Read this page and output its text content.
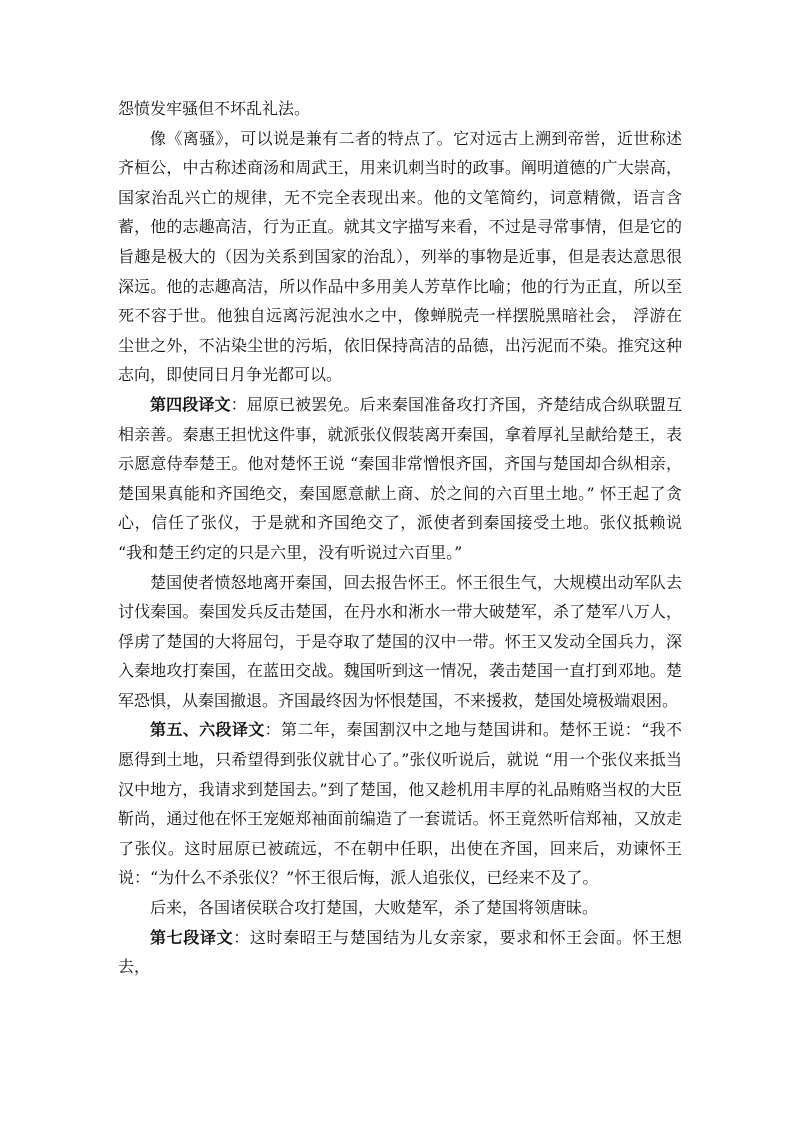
怨愤发牢骚但不坏乱礼法。

像《离骚》，可以说是兼有二者的特点了。它对远古上溯到帝喾，近世称述齐桓公，中古称述商汤和周武王，用来讥刺当时的政事。阐明道德的广大崇高，国家治乱兴亡的规律，无不完全表现出来。他的文笔简约，词意精微，语言含蓄，他的志趣高洁，行为正直。就其文字描写来看，不过是寻常事情，但是它的旨趣是极大的（因为关系到国家的治乱），列举的事物是近事，但是表达意思很深远。他的志趣高洁，所以作品中多用美人芳草作比喻；他的行为正直，所以至死不容于世。他独自远离污泥浊水之中，像蝉脱壳一样摆脱黑暗社会， 浮游在尘世之外，不沾染尘世的污垢，依旧保持高洁的品德，出污泥而不染。推究这种志向，即使同日月争光都可以。

第四段译文：屈原已被罢免。后来秦国准备攻打齐国，齐楚结成合纵联盟互相亲善。秦惠王担忧这件事，就派张仪假装离开秦国，拿着厚礼呈献给楚王，表示愿意侍奉楚王。他对楚怀王说 “秦国非常憎恨齐国，齐国与楚国却合纵相亲，楚国果真能和齐国绝交，秦国愿意献上商、於之间的六百里土地。” 怀王起了贪心，信任了张仪，于是就和齐国绝交了，派使者到秦国接受土地。张仪抵赖说 “我和楚王约定的只是六里，没有听说过六百里。”

楚国使者愤怒地离开秦国，回去报告怀王。怀王很生气，大规模出动军队去讨伐秦国。秦国发兵反击楚国，在丹水和淅水一带大破楚军，杀了楚军八万人，俘虏了楚国的大将屈匄，于是夺取了楚国的汉中一带。怀王又发动全国兵力，深入秦地攻打秦国，在蓝田交战。魏国听到这一情况，袭击楚国一直打到邓地。楚军恐惧，从秦国撤退。齐国最终因为怀恨楚国，不来援救，楚国处境极端艰困。

第五、六段译文：第二年，秦国割汉中之地与楚国讲和。楚怀王说：“我不愿得到土地，只希望得到张仪就甘心了。”张仪听说后，就说 “用一个张仪来抵当汉中地方，我请求到楚国去。”到了楚国，他又趁机用丰厚的礼品贿赂当权的大臣靳尚，通过他在怀王宠姬郑袖面前编造了一套谎话。怀王竟然听信郑袖，又放走了张仪。这时屈原已被疏远，不在朝中任职，出使在齐国，回来后，劝谏怀王说：“为什么不杀张仪？”怀王很后悔，派人追张仪，已经来不及了。

后来，各国诸侯联合攻打楚国，大败楚军，杀了楚国将领唐昧。

第七段译文：这时秦昭王与楚国结为儿女亲家，要求和怀王会面。怀王想去，
